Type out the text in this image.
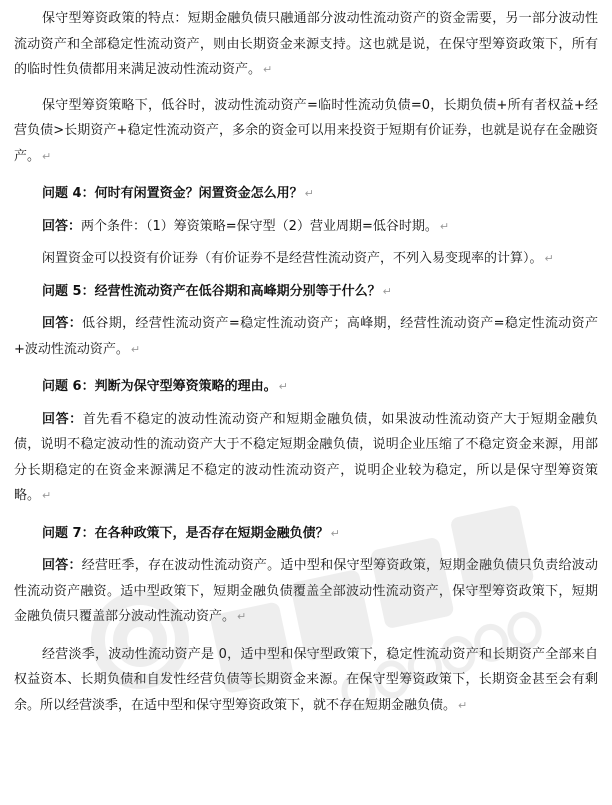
保守型筹资政策的特点：短期金融负债只融通部分波动性流动资产的资金需要，另一部分波动性流动资产和全部稳定性流动资产，则由长期资金来源支持。这也就是说，在保守型筹资政策下，所有的临时性负债都用来满足波动性流动资产。 ↵

保守型筹资策略下，低谷时，波动性流动资产=临时性流动负债=0，长期负债+所有者权益+经营负债>长期资产+稳定性流动资产，多余的资金可以用来投资于短期有价证券，也就是说存在金融资产。 ↵

问题 4：何时有闲置资金？闲置资金怎么用？ ↵

回答：两个条件：（1）筹资策略=保守型（2）营业周期=低谷时期。 ↵

闲置资金可以投资有价证券（有价证券不是经营性流动资产，不列入易变现率的计算）。 ↵

问题 5：经营性流动资产在低谷期和高峰期分别等于什么？ ↵

回答：低谷期，经营性流动资产=稳定性流动资产；高峰期，经营性流动资产=稳定性流动资产+波动性流动资产。 ↵

问题 6：判断为保守型筹资策略的理由。 ↵

回答：首先看不稳定的波动性流动资产和短期金融负债，如果波动性流动资产大于短期金融负债，说明不稳定波动性的流动资产大于不稳定短期金融负债，说明企业压缩了不稳定资金来源，用部分长期稳定的在资金来源满足不稳定的波动性流动资产，说明企业较为稳定，所以是保守型筹资策略。 ↵

问题 7：在各种政策下，是否存在短期金融负债？ ↵

回答：经营旺季，存在波动性流动资产。适中型和保守型筹资政策，短期金融负债只负责给波动性流动资产融资。适中型政策下，短期金融负债覆盖全部波动性流动资产，保守型筹资政策下，短期金融负债只覆盖部分波动性流动资产。 ↵

经营淡季，波动性流动资产是 0，适中型和保守型政策下，稳定性流动资产和长期资产全部来自权益资本、长期负债和自发性经营负债等长期资金来源。在保守型筹资政策下，长期资金甚至会有剩余。所以经营淡季，在适中型和保守型筹资政策下，就不存在短期金融负债。 ↵
